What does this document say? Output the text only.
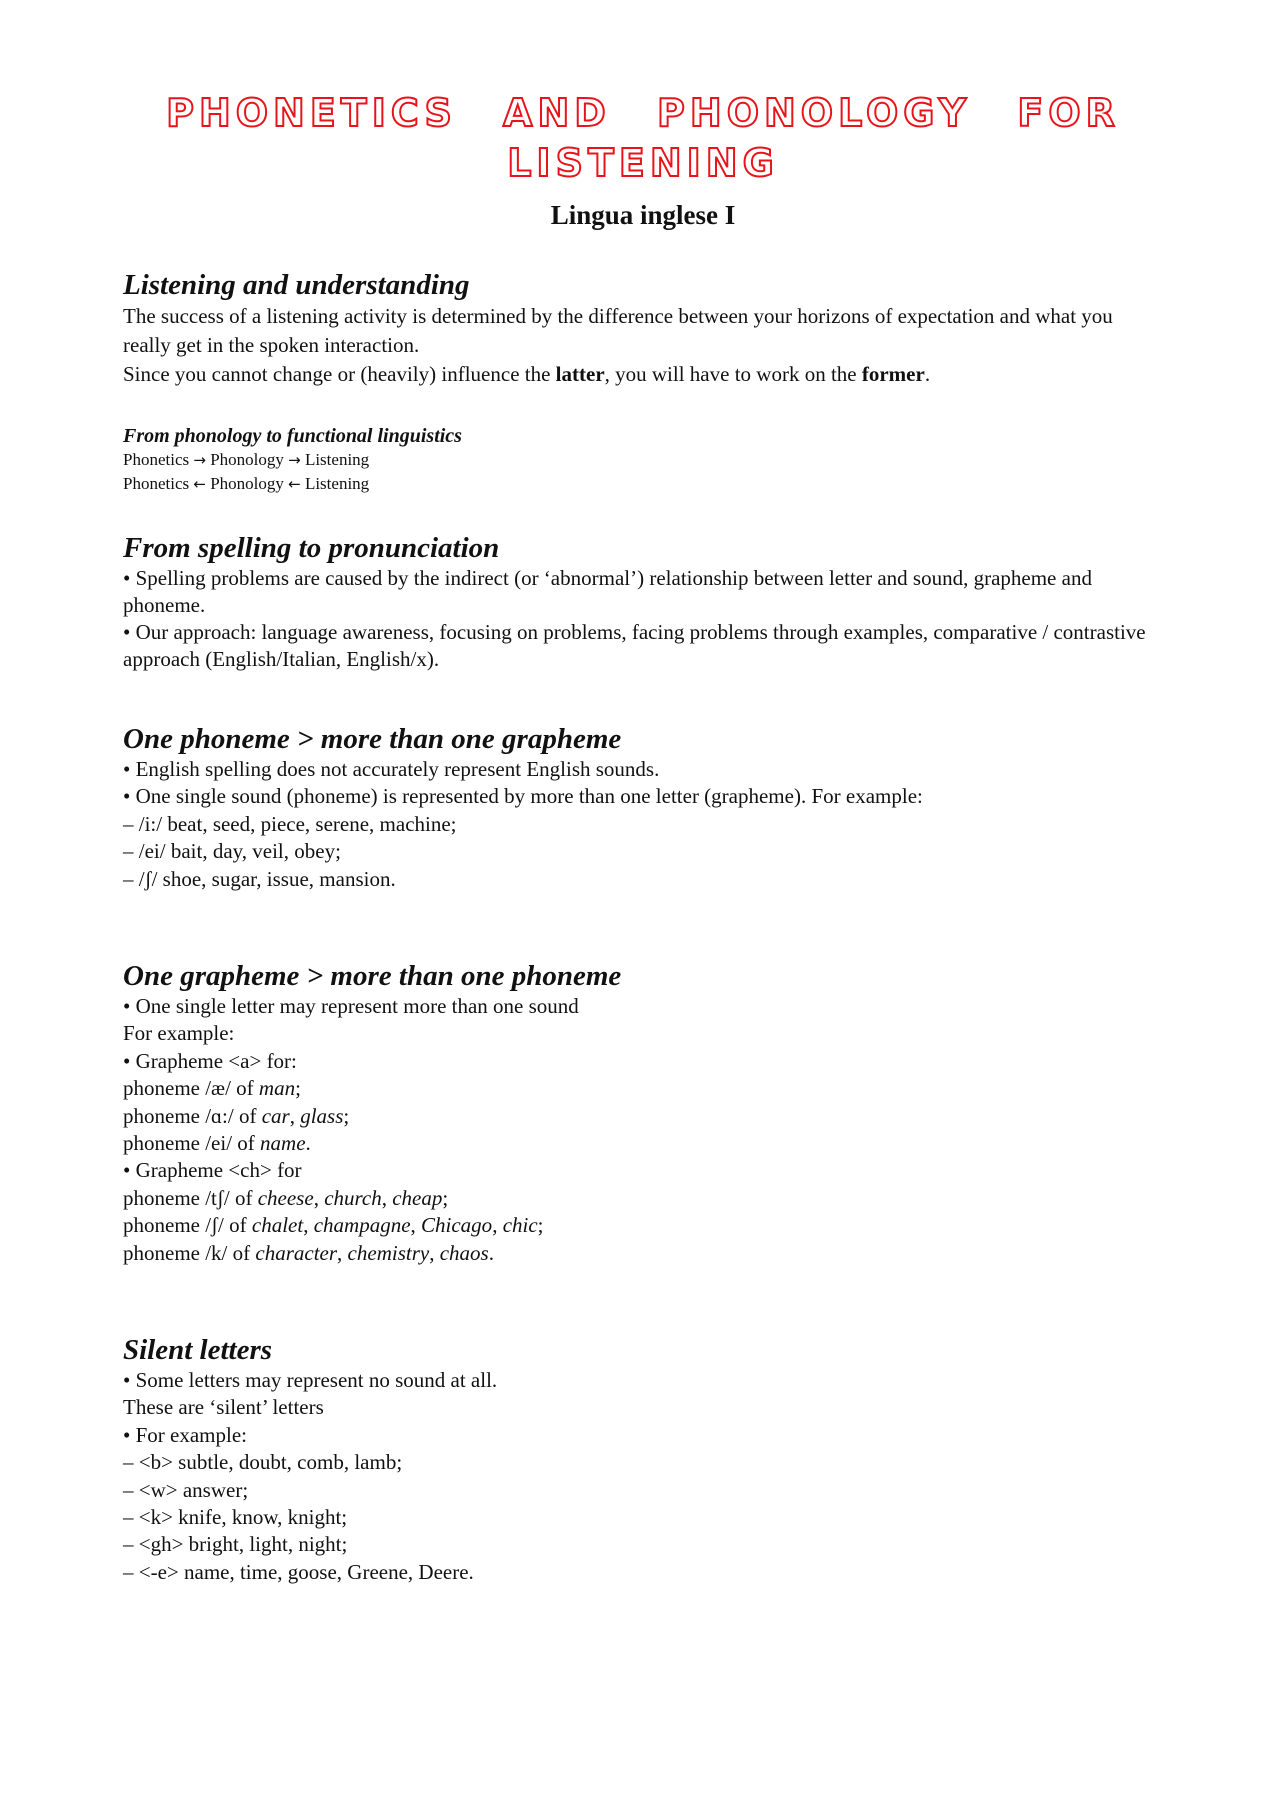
PHONETICS AND PHONOLOGY FOR LISTENING
Lingua inglese I
Listening and understanding

The success of a listening activity is determined by the difference between your horizons of expectation and what you really get in the spoken interaction.

Since you cannot change or (heavily) influence the latter, you will have to work on the former.

From phonology to functional linguistics
Phonetics → Phonology → Listening
Phonetics ← Phonology ← Listening
From spelling to pronunciation

• Spelling problems are caused by the indirect (or ‘abnormal’) relationship between letter and sound, grapheme and phoneme.

• Our approach: language awareness, focusing on problems, facing problems through examples, comparative / contrastive approach (English/Italian, English/x).

One phoneme > more than one grapheme
• English spelling does not accurately represent English sounds.
• One single sound (phoneme) is represented by more than one letter (grapheme). For example:
– /i:/ beat, seed, piece, serene, machine;
– /ei/ bait, day, veil, obey;
– /ʃ/ shoe, sugar, issue, mansion.
One grapheme > more than one phoneme
• One single letter may represent more than one sound
For example:
• Grapheme <a> for:
phoneme /æ/ of man;
phoneme /ɑ:/ of car, glass;
phoneme /ei/ of name.
• Grapheme <ch> for
phoneme /tʃ/ of cheese, church, cheap;
phoneme /ʃ/ of chalet, champagne, Chicago, chic;
phoneme /k/ of character, chemistry, chaos.
Silent letters
• Some letters may represent no sound at all.
These are ‘silent’ letters
• For example:
– <b> subtle, doubt, comb, lamb;
– <w> answer;
– <k> knife, know, knight;
– <gh> bright, light, night;
– <-e> name, time, goose, Greene, Deere.
